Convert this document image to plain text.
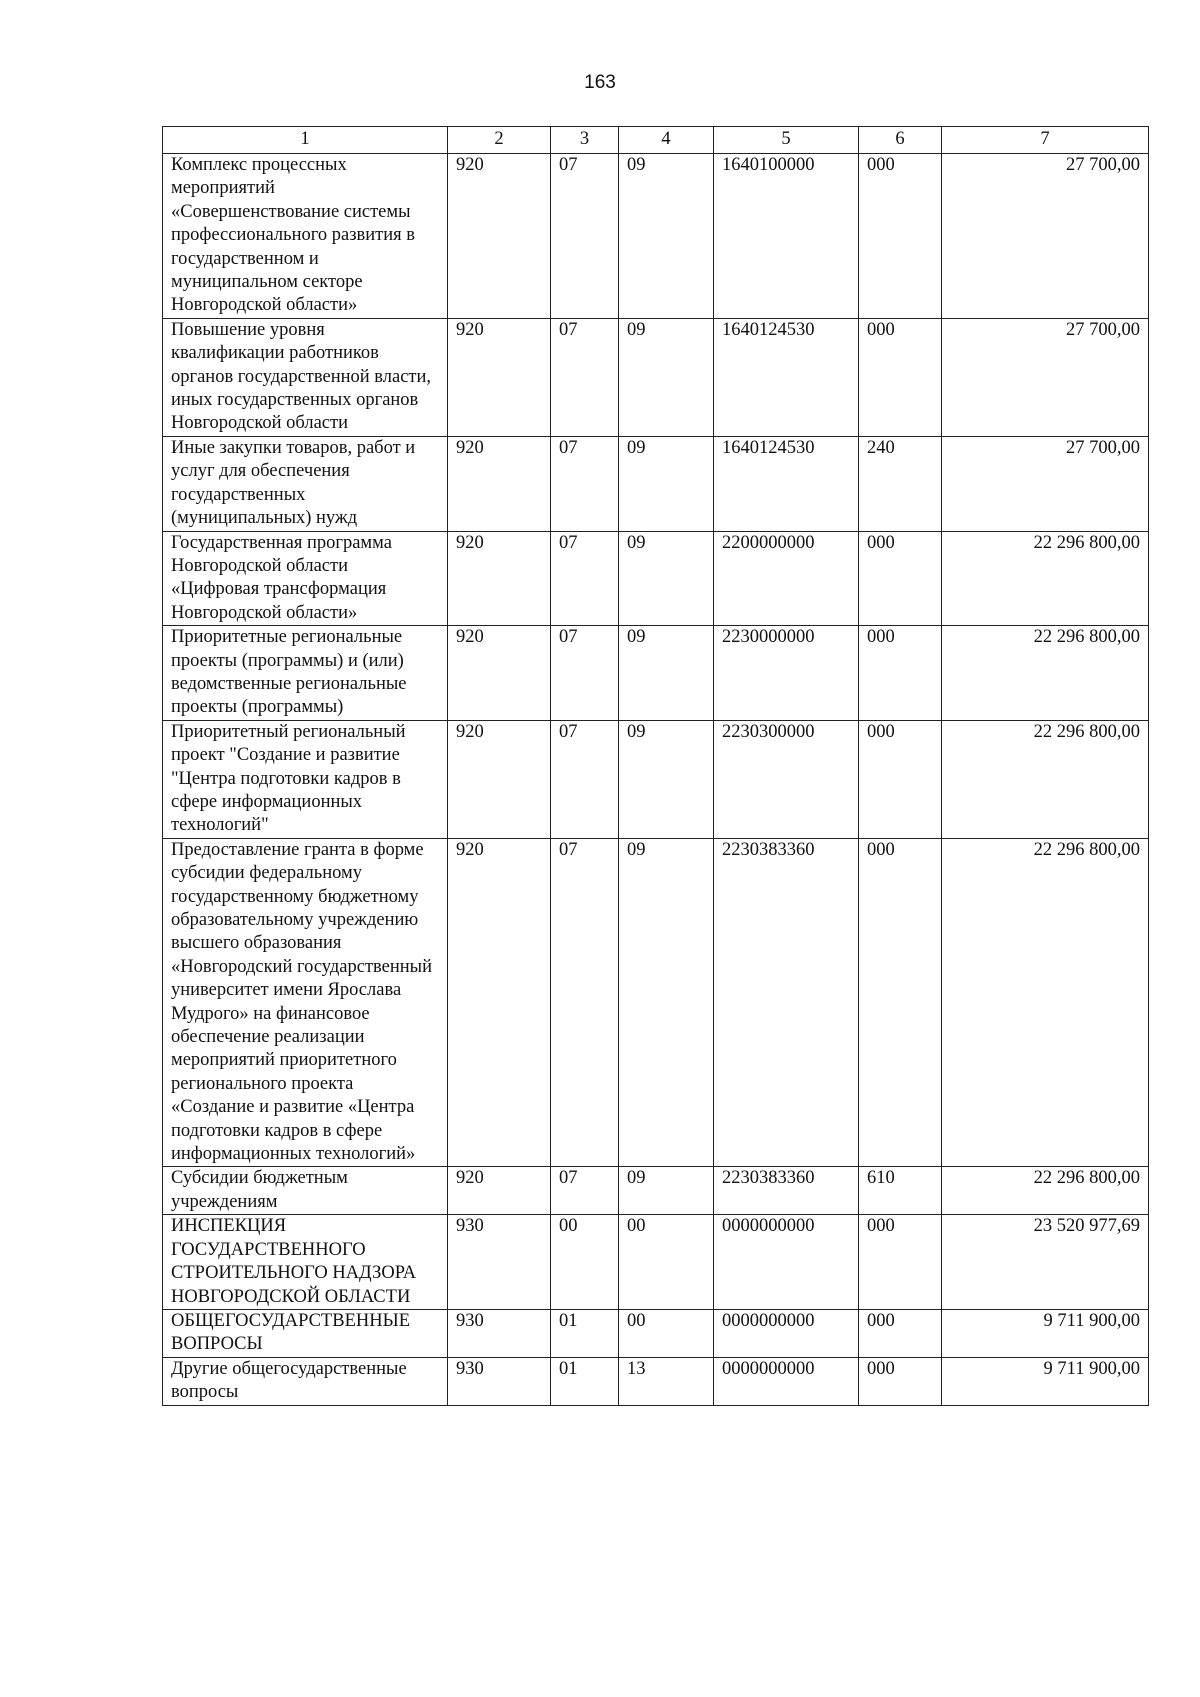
163
1	2	3	4	5	6	7
Комплекс процессных мероприятий «Совершенствование системы профессионального развития в государственном и муниципальном секторе Новгородской области»	920	07	09	1640100000	000	27 700,00
Повышение уровня квалификации работников органов государственной власти, иных государственных органов Новгородской области	920	07	09	1640124530	000	27 700,00
Иные закупки товаров, работ и услуг для обеспечения государственных (муниципальных) нужд	920	07	09	1640124530	240	27 700,00
Государственная программа Новгородской области «Цифровая трансформация Новгородской области»	920	07	09	2200000000	000	22 296 800,00
Приоритетные региональные проекты (программы) и (или) ведомственные региональные проекты (программы)	920	07	09	2230000000	000	22 296 800,00
Приоритетный региональный проект "Создание и развитие "Центра подготовки кадров в сфере информационных технологий"	920	07	09	2230300000	000	22 296 800,00
Предоставление гранта в форме субсидии федеральному государственному бюджетному образовательному учреждению высшего образования «Новгородский государственный университет имени Ярослава Мудрого» на финансовое обеспечение реализации мероприятий приоритетного регионального проекта «Создание и развитие «Центра подготовки кадров в сфере информационных технологий»	920	07	09	2230383360	000	22 296 800,00
Субсидии бюджетным учреждениям	920	07	09	2230383360	610	22 296 800,00
ИНСПЕКЦИЯ ГОСУДАРСТВЕННОГО СТРОИТЕЛЬНОГО НАДЗОРА НОВГОРОДСКОЙ ОБЛАСТИ	930	00	00	0000000000	000	23 520 977,69
ОБЩЕГОСУДАРСТВЕННЫЕ ВОПРОСЫ	930	01	00	0000000000	000	9 711 900,00
Другие общегосударственные вопросы	930	01	13	0000000000	000	9 711 900,00
